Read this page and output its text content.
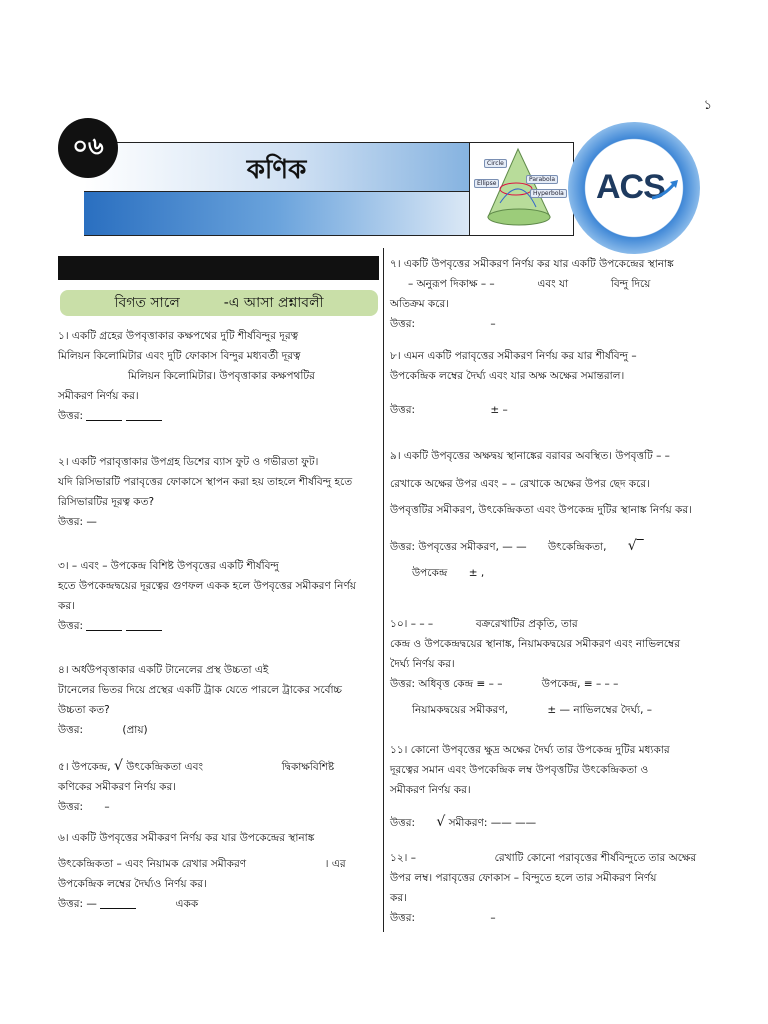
১
০৬
কণিক	Circle
Ellipse
Parabola
Hyperbola ACS
বিগত সালে	-এ আসা প্রশ্নাবলী

১। একটি গ্রহের উপবৃত্তাকার কক্ষপথের দুটি শীর্ষবিন্দুর দূরত্ব

মিলিয়ন কিলোমিটার এবং দুটি ফোকাস বিন্দুর মধ্যবর্তী দূরত্ব

মিলিয়ন কিলোমিটার। উপবৃত্তাকার কক্ষপথটির

সমীকরণ নির্ণয় কর।

উত্তর:

২। একটি পরাবৃত্তাকার উপগ্রহ ডিশের ব্যাস ফুট ও গভীরতা ফুট।

যদি রিসিভারটি পরাবৃত্তের ফোকাসে স্থাপন করা হয় তাহলে শীর্ষবিন্দু হতে

রিসিভারটির দূরত্ব কত?

উত্তর: —

৩। – এবং – উপকেন্দ্র বিশিষ্ট উপবৃত্তের একটি শীর্ষবিন্দু

হতে উপকেন্দ্রদ্বয়ের দূরত্বের গুণফল একক হলে উপবৃত্তের সমীকরণ নির্ণয়

কর।

উত্তর:

৪। অর্ধউপবৃত্তাকার একটি টানেলের প্রস্থ উচ্চতা এই

টানেলের ভিতর দিয়ে প্রস্থের একটি ট্রাক যেতে পারলে ট্রাকের সর্বোচ্চ

উচ্চতা কত?

উত্তর:	(প্রায়)

৫। উপকেন্দ্র, √ উৎকেন্দ্রিকতা এবং	দ্বিকাক্ষবিশিষ্ট

কণিকের সমীকরণ নির্ণয় কর।

উত্তর: –

৬। একটি উপবৃত্তের সমীকরণ নির্ণয় কর যার উপকেন্দ্রের স্থানাঙ্ক

উৎকেন্দ্রিকতা – এবং নিয়ামক রেখার সমীকরণ	। এর

উপকেন্দ্রিক লম্বের দৈর্ঘ্যও নির্ণয় কর।

উত্তর: —	একক

৭। একটি উপবৃত্তের সমীকরণ নির্ণয় কর যার একটি উপকেন্দ্রের স্থানাঙ্ক

– অনুরূপ দিকাক্ষ – –	এবং যা	বিন্দু দিয়ে

অতিক্রম করে।

উত্তর:	–

৮। এমন একটি পরাবৃত্তের সমীকরণ নির্ণয় কর যার শীর্ষবিন্দু –

উপকেন্দ্রিক লম্বের দৈর্ঘ্য এবং যার অক্ষ অক্ষের সমান্তরাল।

উত্তর:	± –

৯। একটি উপবৃত্তের অক্ষদ্বয় স্থানাঙ্কের বরাবর অবস্থিত। উপবৃত্তটি – –

রেখাকে অক্ষের উপর এবং – – রেখাকে অক্ষের উপর ছেদ করে।

উপবৃত্তটির সমীকরণ, উৎকেন্দ্রিকতা এবং উপকেন্দ্র দুটির স্থানাঙ্ক নির্ণয় কর।

উত্তর: উপবৃত্তের সমীকরণ, — — উৎকেন্দ্রিকতা, √‾

উপকেন্দ্র ± ,

১০। – – –	বক্ররেখাটির প্রকৃতি, তার

কেন্দ্র ও উপকেন্দ্রদ্বয়ের স্থানাঙ্ক, নিয়ামকদ্বয়ের সমীকরণ এবং নাভিলম্বের

দৈর্ঘ্য নির্ণয় কর।

উত্তর: অধিবৃত্ত কেন্দ্র ≡ – –	উপকেন্দ্র, ≡ – – –

নিয়ামকদ্বয়ের সমীকরণ,	± — নাভিলম্বের দৈর্ঘ্য, –

১১। কোনো উপবৃত্তের ক্ষুদ্র অক্ষের দৈর্ঘ্য তার উপকেন্দ্র দুটির মধ্যকার

দূরত্বের সমান এবং উপকেন্দ্রিক লম্ব উপবৃত্তটির উৎকেন্দ্রিকতা ও

সমীকরণ নির্ণয় কর।

উত্তর: √ সমীকরণ: —— ——

১২। –	রেখাটি কোনো পরাবৃত্তের শীর্ষবিন্দুতে তার অক্ষের

উপর লম্ব। পরাবৃত্তের ফোকাস – বিন্দুতে হলে তার সমীকরণ নির্ণয়

কর।

উত্তর:	–
